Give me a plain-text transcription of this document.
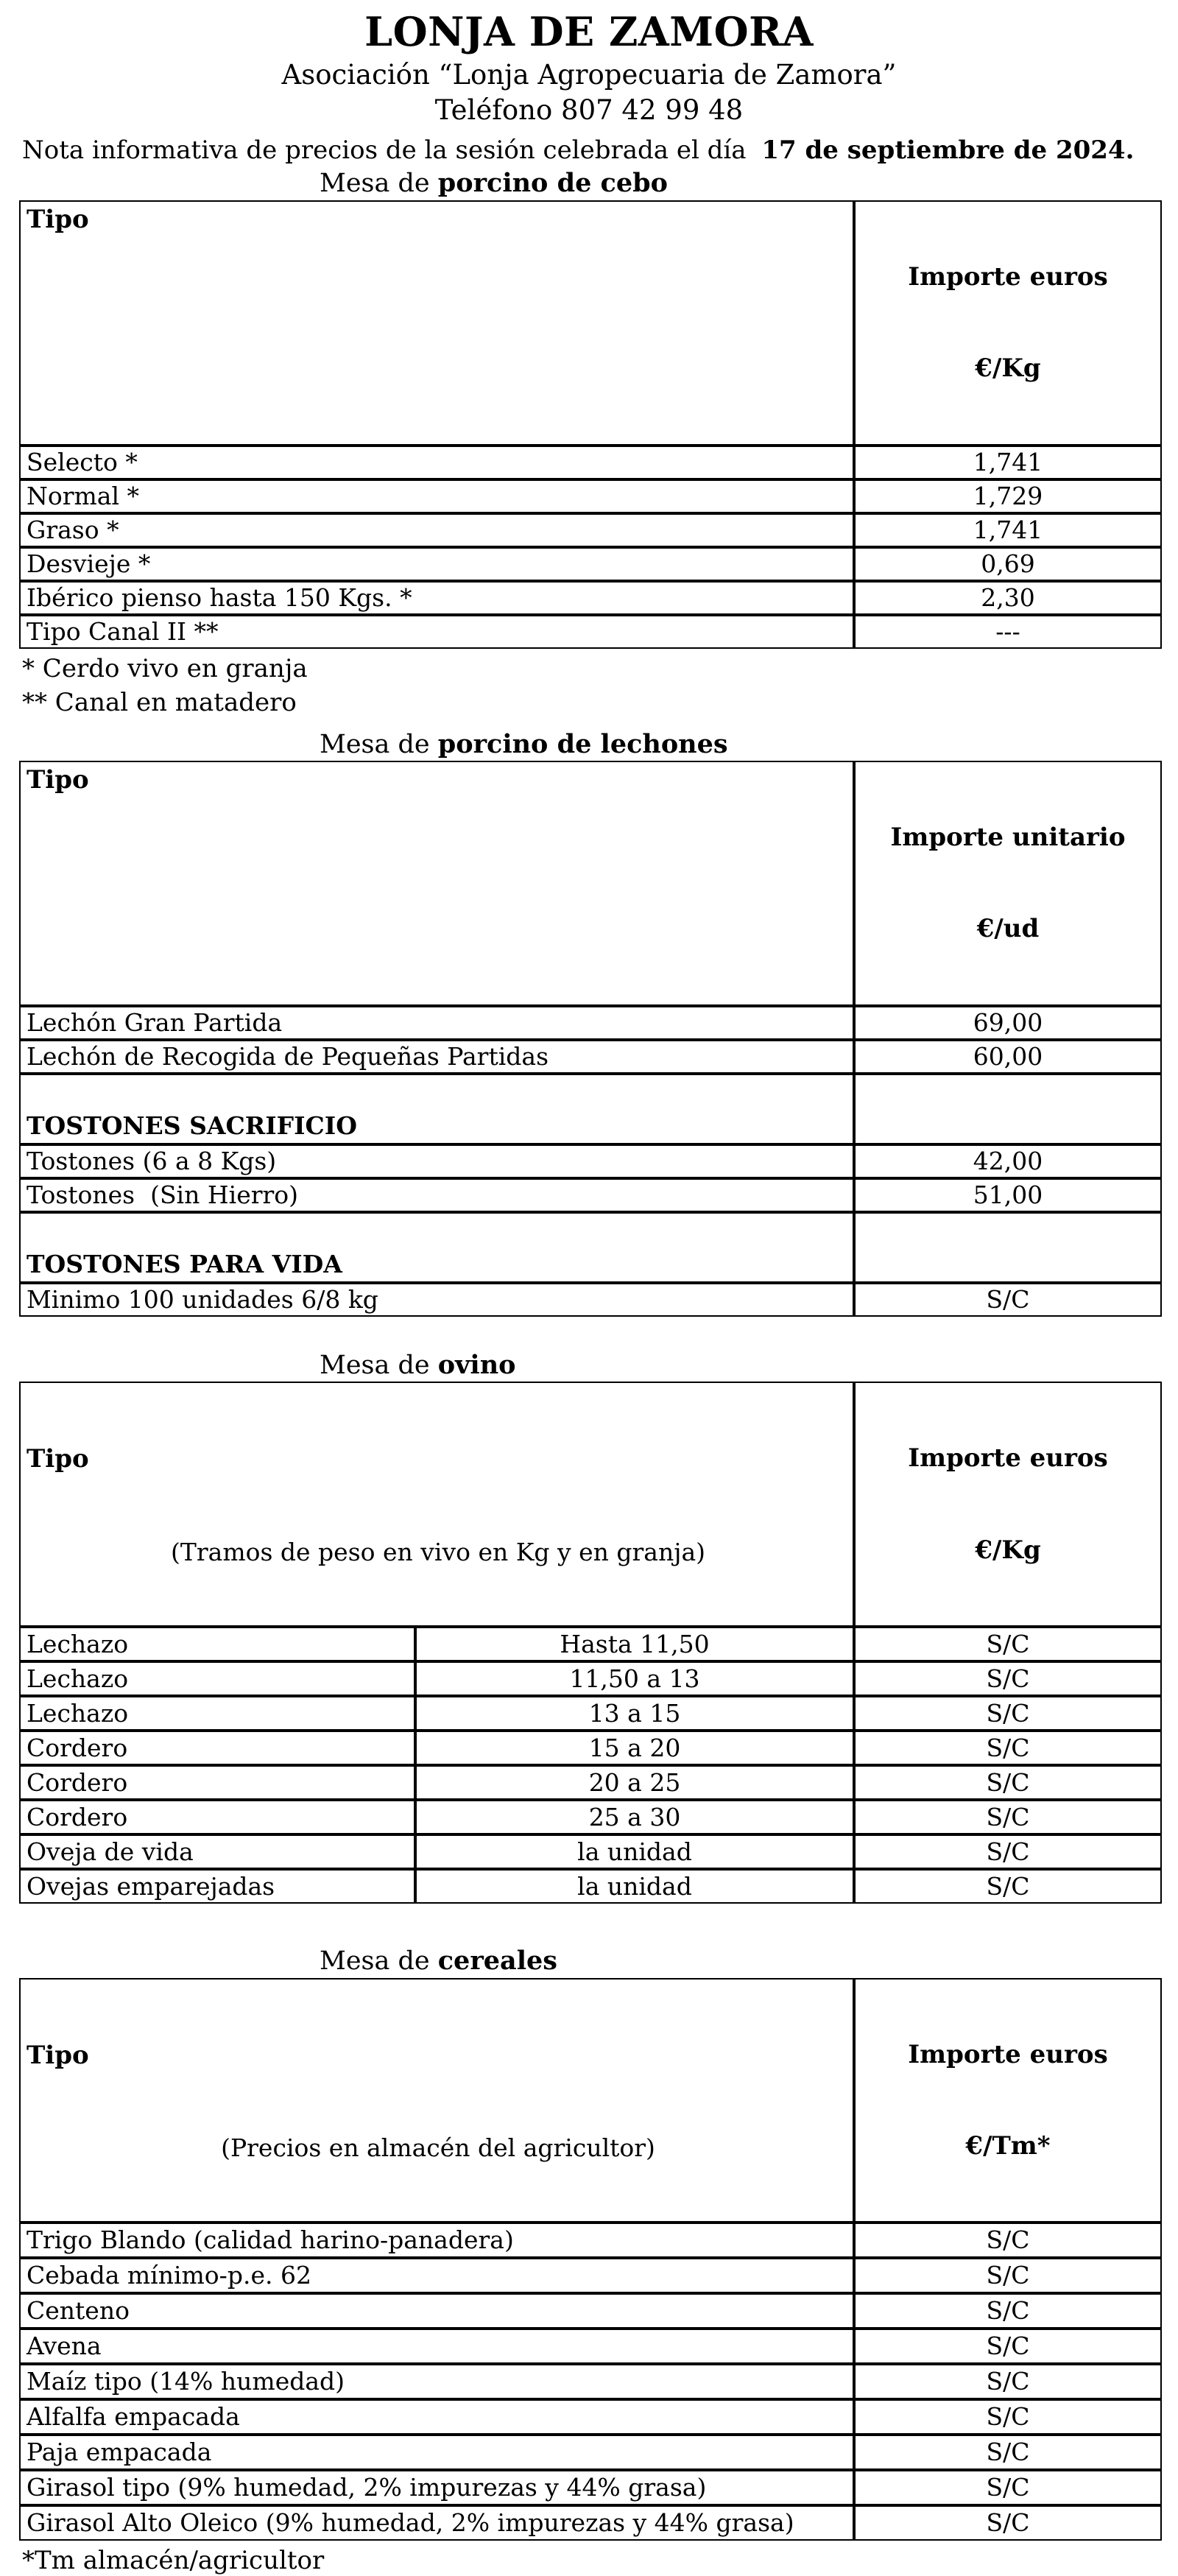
LONJA DE ZAMORA
Asociación “Lonja Agropecuaria de Zamora”
Teléfono 807 42 99 48
Nota informativa de precios de la sesión celebrada el día 17 de septiembre de 2024.
Mesa de porcino de cebo
Tipo	Importe euros

€/Kg

Selecto *	1,741
Normal *	1,729
Graso *	1,741
Desvieje *	0,69
Ibérico pienso hasta 150 Kgs. *	2,30
Tipo Canal II **	---
* Cerdo vivo en granja
** Canal en matadero
Mesa de porcino de lechones
Tipo	Importe unitario

€/ud

Lechón Gran Partida	69,00
Lechón de Recogida de Pequeñas Partidas	60,00
TOSTONES SACRIFICIO	
Tostones (6 a 8 Kgs)	42,00
Tostones  (Sin Hierro)	51,00
TOSTONES PARA VIDA	
Minimo 100 unidades 6/8 kg	S/C
Mesa de ovino

Tipo

(Tramos de peso en vivo en Kg y en granja)

Importe euros

€/Kg

Lechazo	Hasta 11,50	S/C
Lechazo	11,50 a 13	S/C
Lechazo	13 a 15	S/C
Cordero	15 a 20	S/C
Cordero	20 a 25	S/C
Cordero	25 a 30	S/C
Oveja de vida	la unidad	S/C
Ovejas emparejadas	la unidad	S/C
Mesa de cereales

Tipo

(Precios en almacén del agricultor)

Importe euros

€/Tm*

Trigo Blando (calidad harino-panadera)	S/C
Cebada mínimo-p.e. 62	S/C
Centeno	S/C
Avena	S/C
Maíz tipo (14% humedad)	S/C
Alfalfa empacada	S/C
Paja empacada	S/C
Girasol tipo (9% humedad, 2% impurezas y 44% grasa)	S/C
Girasol Alto Oleico (9% humedad, 2% impurezas y 44% grasa)	S/C
*Tm almacén/agricultor
